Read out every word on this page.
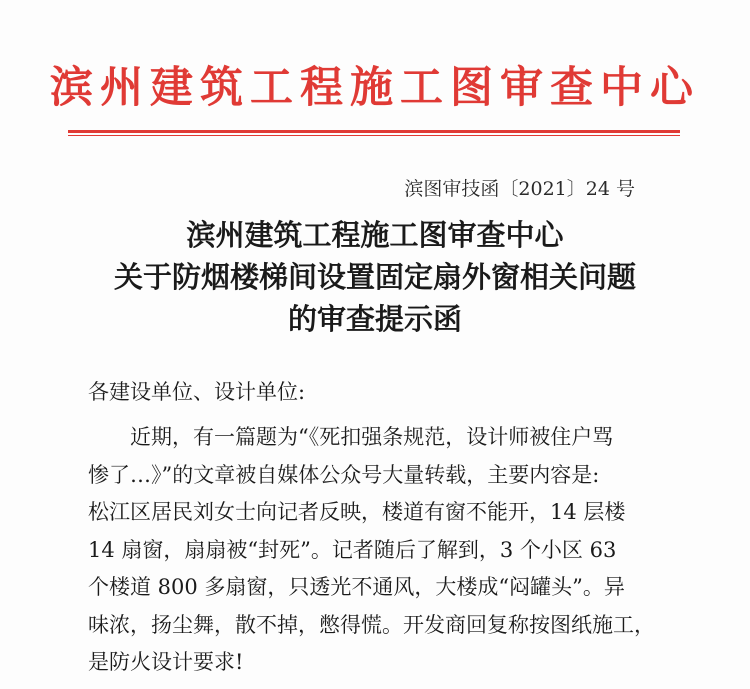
滨州建筑工程施工图审查中心
滨图审技函〔2021〕24 号
滨州建筑工程施工图审查中心
关于防烟楼梯间设置固定扇外窗相关问题
的审查提示函
各建设单位、设计单位:
近期，有一篇题为“《死扣强条规范，设计师被住户骂
惨了…》”的文章被自媒体公众号大量转载，主要内容是:
松江区居民刘女士向记者反映，楼道有窗不能开，14 层楼
14 扇窗，扇扇被“封死”。记者随后了解到，3 个小区 63
个楼道 800 多扇窗，只透光不通风，大楼成“闷罐头”。异
味浓，扬尘舞，散不掉，憋得慌。开发商回复称按图纸施工，
是防火设计要求!
